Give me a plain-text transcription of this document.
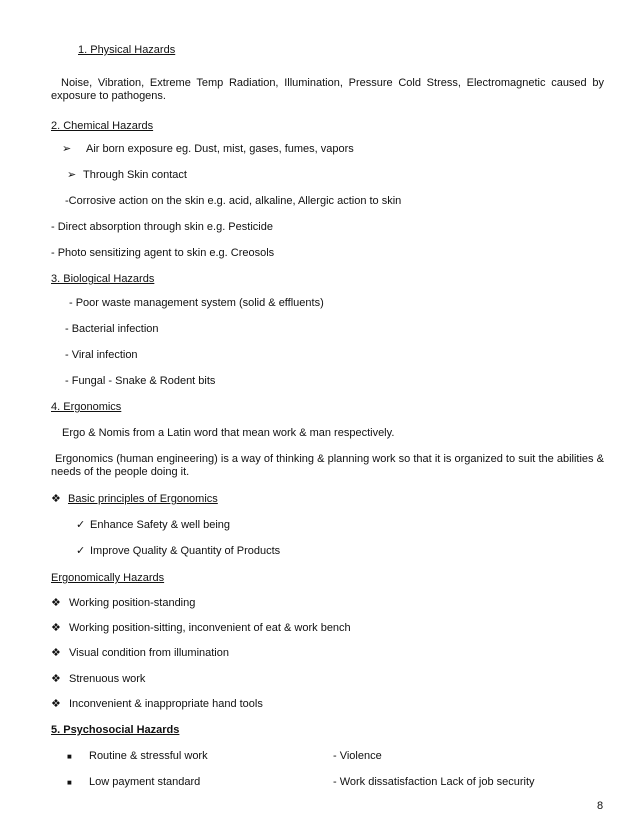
1. Physical Hazards
Noise, Vibration, Extreme Temp Radiation, Illumination, Pressure Cold Stress, Electromagnetic caused by exposure to pathogens.
2. Chemical Hazards
➢ Air born exposure eg. Dust, mist, gases, fumes, vapors
➢ Through Skin contact
-Corrosive action on the skin e.g. acid, alkaline, Allergic action to skin
- Direct absorption through skin e.g. Pesticide
- Photo sensitizing agent to skin e.g. Creosols
3. Biological Hazards
- Poor waste management system (solid & effluents)
- Bacterial infection
- Viral infection
- Fungal - Snake & Rodent bits
4. Ergonomics
Ergo & Nomis from a Latin word that mean work & man respectively.
Ergonomics (human engineering) is a way of thinking & planning work so that it is organized to suit the abilities & needs of the people doing it.
❖ Basic principles of Ergonomics
✓ Enhance Safety & well being
✓ Improve Quality & Quantity of Products
Ergonomically Hazards
❖ Working position-standing
❖ Working position-sitting, inconvenient of eat & work bench
❖ Visual condition from illumination
❖ Strenuous work
❖ Inconvenient & inappropriate hand tools
5. Psychosocial Hazards
■ Routine & stressful work	- Violence
■ Low payment standard	- Work dissatisfaction Lack of job security
8
